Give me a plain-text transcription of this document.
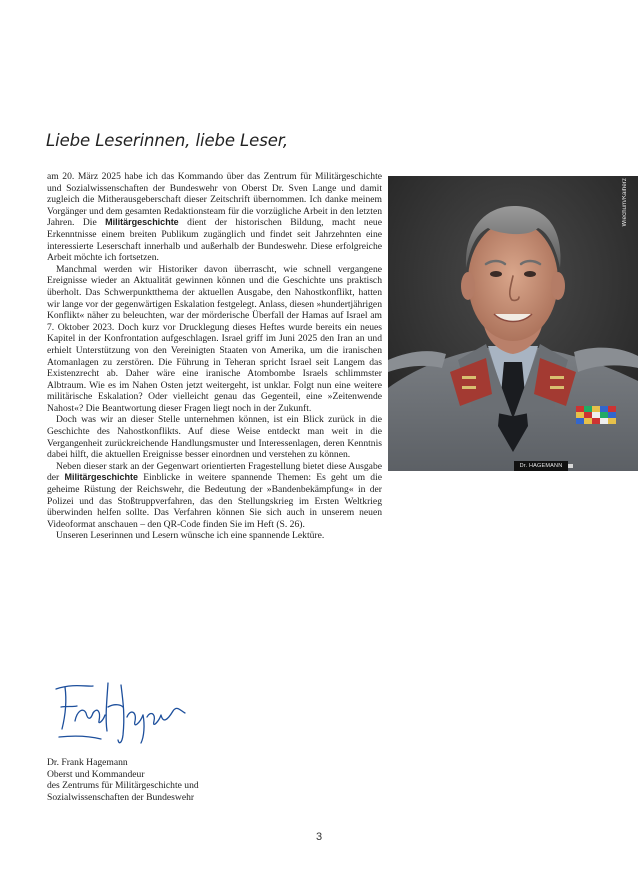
Liebe Leserinnen, liebe Leser,

am 20. März 2025 habe ich das Kommando über das Zentrum für Militärgeschichte und Sozialwissenschaften der Bundeswehr von Oberst Dr. Sven Lange und damit zugleich die Mitherausgeberschaft dieser Zeitschrift übernommen. Ich danke meinem Vorgänger und dem gesamten Redaktionsteam für die vorzügliche Arbeit in den letzten Jahren. Die Militärgeschichte dient der historischen Bildung, macht neue Erkenntnisse einem breiten Publikum zugänglich und findet seit Jahrzehnten eine interessierte Leserschaft innerhalb und außerhalb der Bundeswehr. Diese erfolgreiche Arbeit möchte ich fortsetzen.

Manchmal werden wir Historiker davon überrascht, wie schnell vergangene Ereignisse wieder an Aktualität gewinnen können und die Geschichte uns praktisch überholt. Das Schwerpunktthema der aktuellen Ausgabe, den Nahostkonflikt, hatten wir lange vor der gegenwärtigen Eskalation festgelegt. Anlass, diesen »hundertjährigen Konflikt« näher zu beleuchten, war der mörderische Überfall der Hamas auf Israel am 7. Oktober 2023. Doch kurz vor Drucklegung dieses Heftes wurde bereits ein neues Kapitel in der Konfrontation aufgeschlagen. Israel griff im Juni 2025 den Iran an und erhielt Unterstützung von den Vereinigten Staaten von Amerika, um die iranischen Atomanlagen zu zerstören. Die Führung in Teheran spricht Israel seit Langem das Existenzrecht ab. Daher wäre eine iranische Atombombe Israels schlimmster Albtraum. Wie es im Nahen Osten jetzt weitergeht, ist unklar. Folgt nun eine weitere militärische Eskalation? Oder vielleicht genau das Gegenteil, eine »Zeitenwende Nahost«? Die Beantwortung dieser Fragen liegt noch in der Zukunft.

Doch was wir an dieser Stelle unternehmen können, ist ein Blick zurück in die Geschichte des Nahostkonflikts. Auf diese Weise entdeckt man weit in die Vergangenheit zurückreichende Handlungsmuster und Interessenlagen, deren Kenntnis dabei hilft, die aktuellen Ereignisse besser einordnen und verstehen zu können.

Neben dieser stark an der Gegenwart orientierten Fragestellung bietet diese Ausgabe der Militärgeschichte Einblicke in weitere spannende Themen: Es geht um die geheime Rüstung der Reichswehr, die Bedeutung der »Bandenbekämpfung« in der Polizei und das Stoßtruppverfahren, das den Stellungskrieg im Ersten Weltkrieg überwinden helfen sollte. Das Verfahren können Sie sich auch in unserem neuen Videoformat anschauen – den QR-Code finden Sie im Heft (S. 26).

Unseren Leserinnen und Lesern wünsche ich eine spannende Lektüre.

Dr. Frank Hagemann
Oberst und Kommandeur
des Zentrums für Militärgeschichte und
Sozialwissenschaften der Bundeswehr
Dr. HAGEMANN
Wiechum/Kaiherz
3
